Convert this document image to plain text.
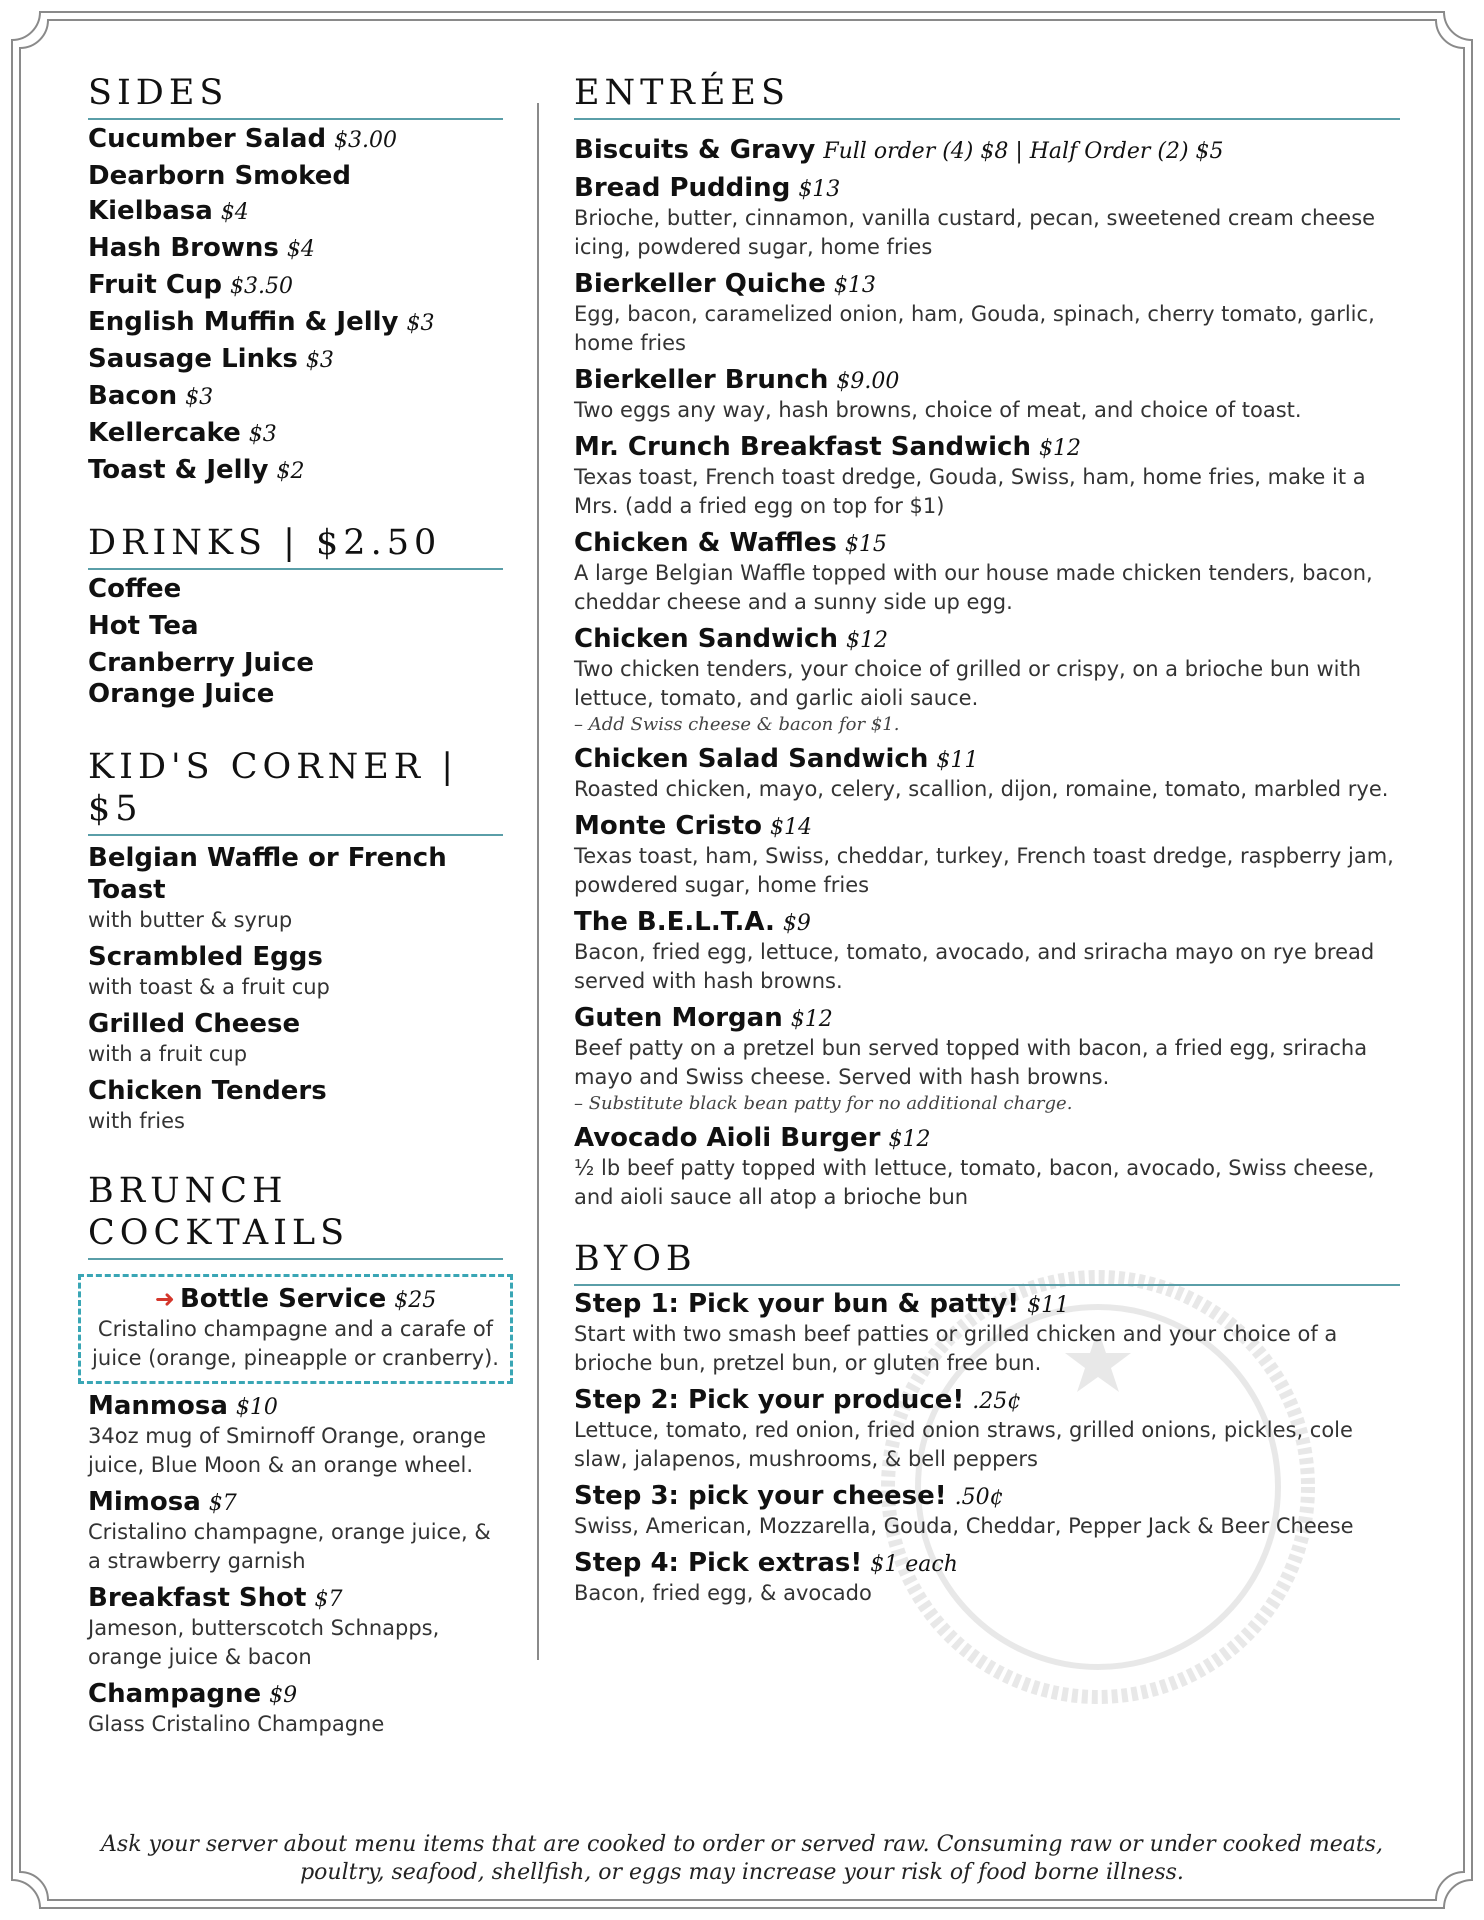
SIDES
Cucumber Salad $3.00
Dearborn Smoked Kielbasa $4
Hash Browns $4
Fruit Cup $3.50
English Muffin & Jelly $3
Sausage Links $3
Bacon $3
Kellercake $3
Toast & Jelly $2
DRINKS | $2.50
Coffee
Hot Tea
Cranberry Juice
Orange Juice
KID'S CORNER | $5
Belgian Waffle or French Toast
with butter & syrup
Scrambled Eggs
with toast & a fruit cup
Grilled Cheese
with a fruit cup
Chicken Tenders
with fries
BRUNCH COCKTAILS
➜ Bottle Service $25
Cristalino champagne and a carafe of juice (orange, pineapple or cranberry).
Manmosa $10
34oz mug of Smirnoff Orange, orange juice, Blue Moon & an orange wheel.
Mimosa $7
Cristalino champagne, orange juice, & a strawberry garnish
Breakfast Shot $7
Jameson, butterscotch Schnapps, orange juice & bacon
Champagne $9
Glass Cristalino Champagne
ENTRÉES
Biscuits & Gravy Full order (4) $8 | Half Order (2) $5
Bread Pudding $13
Brioche, butter, cinnamon, vanilla custard, pecan, sweetened cream cheese icing, powdered sugar, home fries
Bierkeller Quiche $13
Egg, bacon, caramelized onion, ham, Gouda, spinach, cherry tomato, garlic, home fries
Bierkeller Brunch $9.00
Two eggs any way, hash browns, choice of meat, and choice of toast.
Mr. Crunch Breakfast Sandwich $12
Texas toast, French toast dredge, Gouda, Swiss, ham, home fries, make it a Mrs. (add a fried egg on top for $1)
Chicken & Waffles $15
A large Belgian Waffle topped with our house made chicken tenders, bacon, cheddar cheese and a sunny side up egg.
Chicken Sandwich $12
Two chicken tenders, your choice of grilled or crispy, on a brioche bun with lettuce, tomato, and garlic aioli sauce.
– Add Swiss cheese & bacon for $1.
Chicken Salad Sandwich $11
Roasted chicken, mayo, celery, scallion, dijon, romaine, tomato, marbled rye.
Monte Cristo $14
Texas toast, ham, Swiss, cheddar, turkey, French toast dredge, raspberry jam, powdered sugar, home fries
The B.E.L.T.A. $9
Bacon, fried egg, lettuce, tomato, avocado, and sriracha mayo on rye bread served with hash browns.
Guten Morgan $12
Beef patty on a pretzel bun served topped with bacon, a fried egg, sriracha mayo and Swiss cheese. Served with hash browns.
– Substitute black bean patty for no additional charge.
Avocado Aioli Burger $12
½ lb beef patty topped with lettuce, tomato, bacon, avocado, Swiss cheese, and aioli sauce all atop a brioche bun
BYOB
Step 1: Pick your bun & patty! $11
Start with two smash beef patties or grilled chicken and your choice of a brioche bun, pretzel bun, or gluten free bun.
Step 2: Pick your produce! .25¢
Lettuce, tomato, red onion, fried onion straws, grilled onions, pickles, cole slaw, jalapenos, mushrooms, & bell peppers
Step 3: pick your cheese! .50¢
Swiss, American, Mozzarella, Gouda, Cheddar, Pepper Jack & Beer Cheese
Step 4: Pick extras! $1 each
Bacon, fried egg, & avocado
Ask your server about menu items that are cooked to order or served raw. Consuming raw or under cooked meats, poultry, seafood, shellfish, or eggs may increase your risk of food borne illness.
